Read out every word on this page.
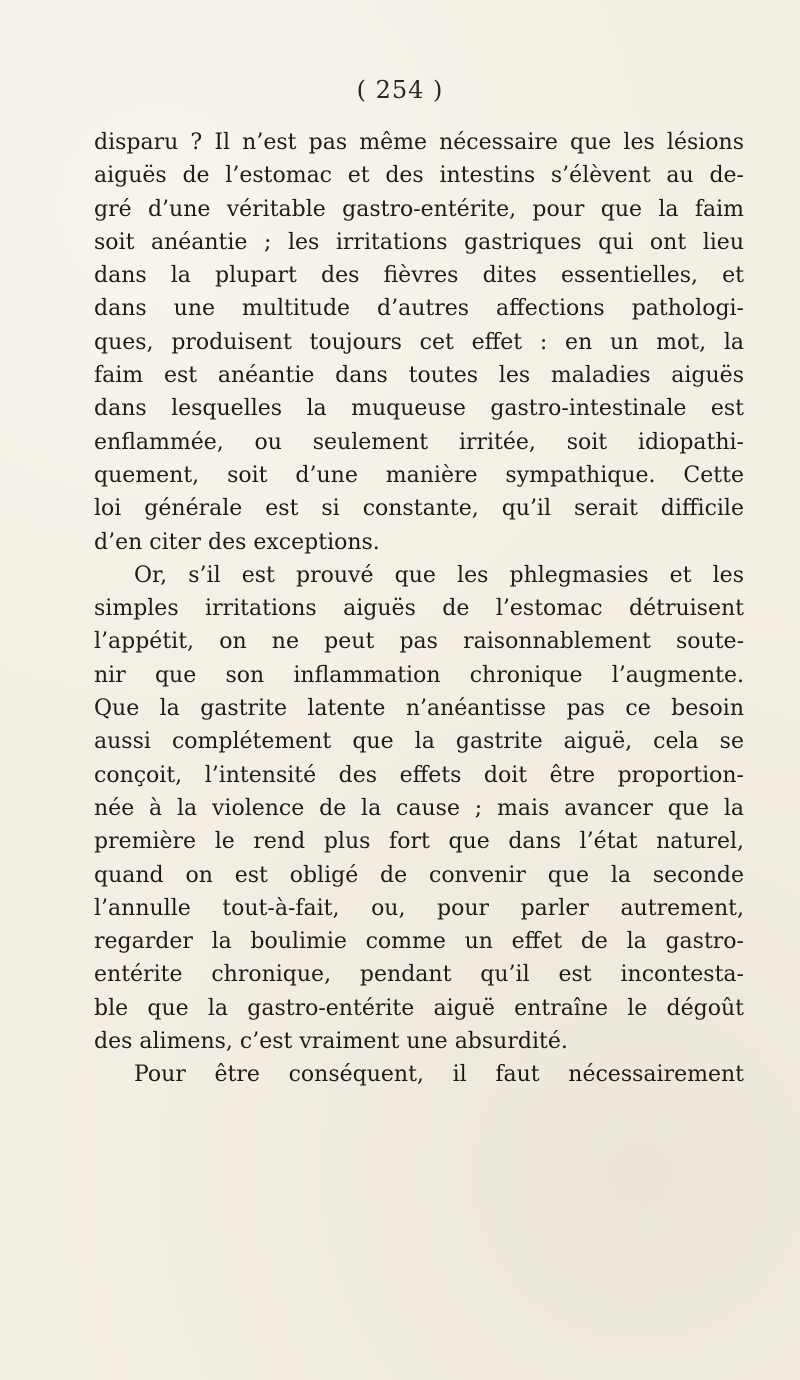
( 254 )
disparu ? Il n’est pas même nécessaire que les lésions
aiguës de l’estomac et des intestins s’élèvent au de-
gré d’une véritable gastro-entérite, pour que la faim
soit anéantie ; les irritations gastriques qui ont lieu
dans la plupart des fièvres dites essentielles, et
dans une multitude d’autres affections pathologi-
ques, produisent toujours cet effet : en un mot, la
faim est anéantie dans toutes les maladies aiguës
dans lesquelles la muqueuse gastro-intestinale est
enflammée, ou seulement irritée, soit idiopathi-
quement, soit d’une manière sympathique. Cette
loi générale est si constante, qu’il serait difficile
d’en citer des exceptions.
Or, s’il est prouvé que les phlegmasies et les
simples irritations aiguës de l’estomac détruisent
l’appétit, on ne peut pas raisonnablement soute-
nir que son inflammation chronique l’augmente.
Que la gastrite latente n’anéantisse pas ce besoin
aussi complétement que la gastrite aiguë, cela se
conçoit, l’intensité des effets doit être proportion-
née à la violence de la cause ; mais avancer que la
première le rend plus fort que dans l’état naturel,
quand on est obligé de convenir que la seconde
l’annulle tout-à-fait, ou, pour parler autrement,
regarder la boulimie comme un effet de la gastro-
entérite chronique, pendant qu’il est incontesta-
ble que la gastro-entérite aiguë entraîne le dégoût
des alimens, c’est vraiment une absurdité.
Pour être conséquent, il faut nécessairement
